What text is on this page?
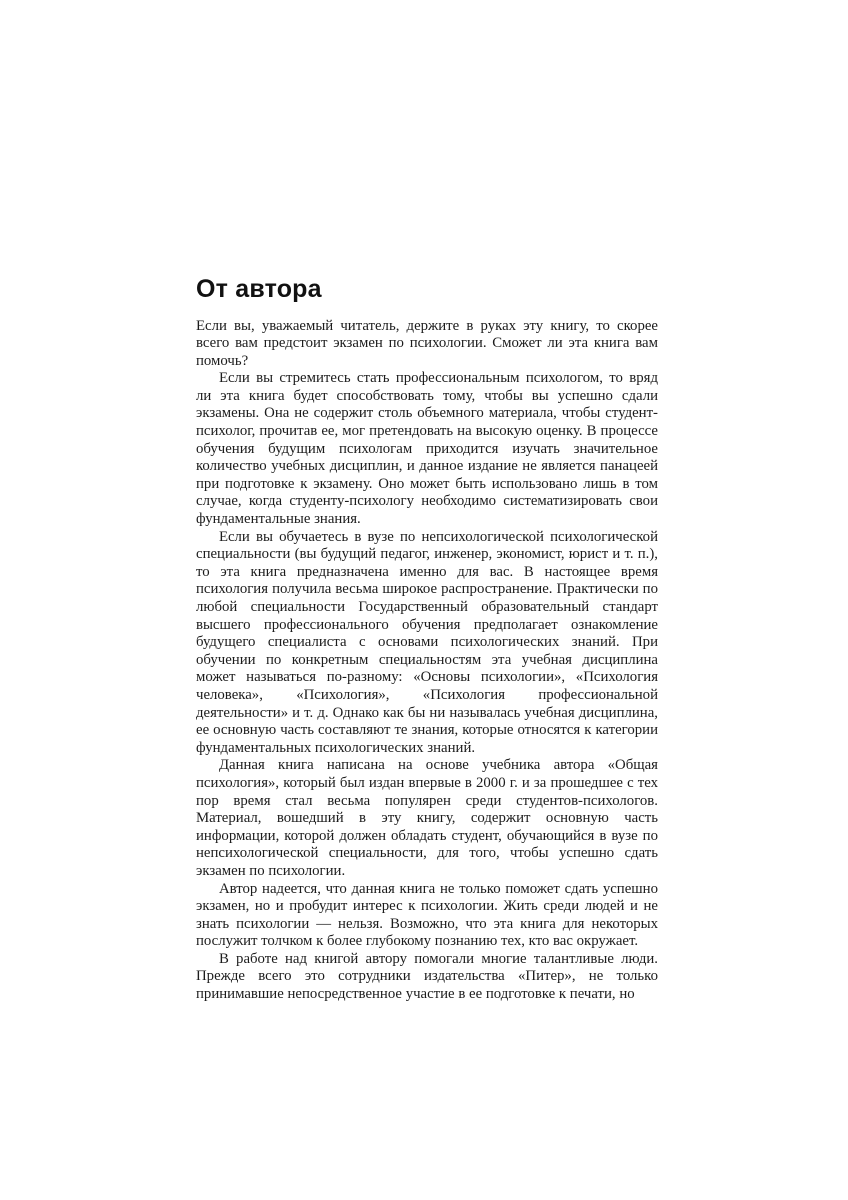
От автора

Если вы, уважаемый читатель, держите в руках эту книгу, то скорее всего вам предстоит экзамен по психологии. Сможет ли эта книга вам помочь?

Если вы стремитесь стать профессиональным психологом, то вряд ли эта книга будет способствовать тому, чтобы вы успешно сдали экзамены. Она не содержит столь объемного материала, чтобы студент-психолог, прочитав ее, мог претендовать на высокую оценку. В процессе обучения будущим психологам приходится изучать значительное количество учебных дисциплин, и данное издание не является панацеей при подготовке к экзамену. Оно может быть использовано лишь в том случае, когда студенту-психологу необходимо систематизировать свои фундаментальные знания.

Если вы обучаетесь в вузе по непсихологической психологической специальности (вы будущий педагог, инженер, экономист, юрист и т. п.), то эта книга предназначена именно для вас. В настоящее время психология получила весьма широкое распространение. Практически по любой специальности Государственный образовательный стандарт высшего профессионального обучения предполагает ознакомление будущего специалиста с основами психологических знаний. При обучении по конкретным специальностям эта учебная дисциплина может называться по-разному: «Основы психологии», «Психология человека», «Психология», «Психология профессиональной деятельности» и т. д. Однако как бы ни называлась учебная дисциплина, ее основную часть составляют те знания, которые относятся к категории фундаментальных психологических знаний.

Данная книга написана на основе учебника автора «Общая психология», который был издан впервые в 2000 г. и за прошедшее с тех пор время стал весьма популярен среди студентов-психологов. Материал, вошедший в эту книгу, содержит основную часть информации, которой должен обладать студент, обучающийся в вузе по непсихологической специальности, для того, чтобы успешно сдать экзамен по психологии.

Автор надеется, что данная книга не только поможет сдать успешно экзамен, но и пробудит интерес к психологии. Жить среди людей и не знать психологии — нельзя. Возможно, что эта книга для некоторых послужит толчком к более глубокому познанию тех, кто вас окружает.

В работе над книгой автору помогали многие талантливые люди. Прежде всего это сотрудники издательства «Питер», не только принимавшие непосредственное участие в ее подготовке к печати, но
